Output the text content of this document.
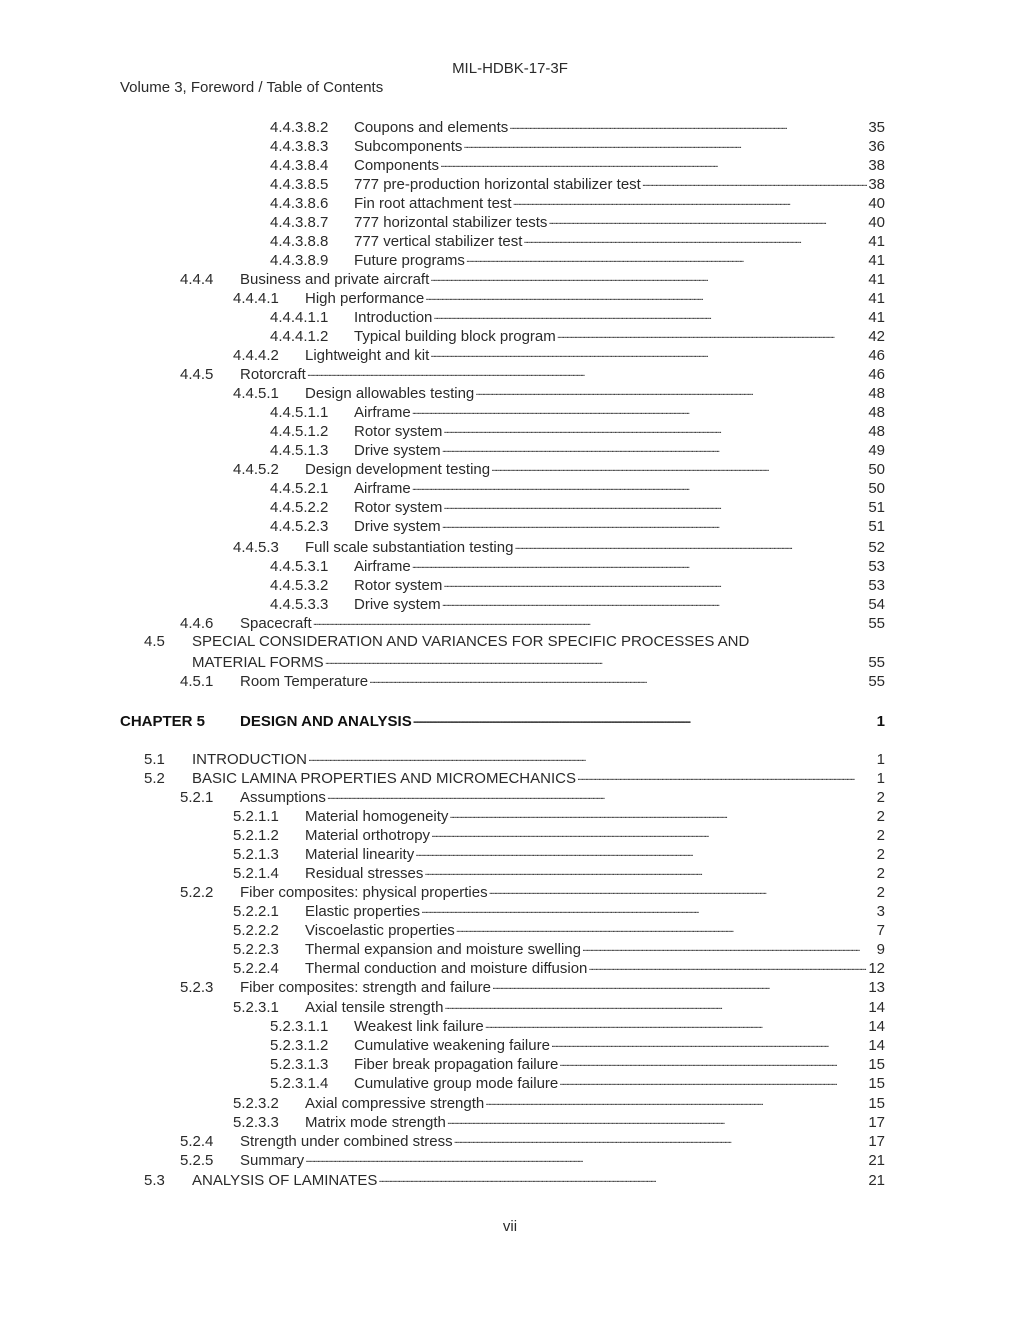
MIL-HDBK-17-3F
Volume 3, Foreword / Table of Contents
4.4.3.8.2	Coupons and elements . . .	35
4.4.3.8.3	Subcomponents . . .	36
4.4.3.8.4	Components . . .	38
4.4.3.8.5	777 pre-production horizontal stabilizer test . . .	38
4.4.3.8.6	Fin root attachment test . . .	40
4.4.3.8.7	777 horizontal stabilizer tests . . .	40
4.4.3.8.8	777 vertical stabilizer test . . .	41
4.4.3.8.9	Future programs . . .	41
4.4.4	Business and private aircraft . . .	41
4.4.4.1	High performance . . .	41
4.4.4.1.1	Introduction . . .	41
4.4.4.1.2	Typical building block program . . .	42
4.4.4.2	Lightweight and kit . . .	46
4.4.5	Rotorcraft . . .	46
4.4.5.1	Design allowables testing . . .	48
4.4.5.1.1	Airframe . . .	48
4.4.5.1.2	Rotor system . . .	48
4.4.5.1.3	Drive system . . .	49
4.4.5.2	Design development testing . . .	50
4.4.5.2.1	Airframe . . .	50
4.4.5.2.2	Rotor system . . .	51
4.4.5.2.3	Drive system . . .	51
4.4.5.3	Full scale substantiation testing . . .	52
4.4.5.3.1	Airframe . . .	53
4.4.5.3.2	Rotor system . . .	53
4.4.5.3.3	Drive system . . .	54
4.4.6	Spacecraft . . .	55
4.5	SPECIAL CONSIDERATION AND VARIANCES FOR SPECIFIC PROCESSES AND
MATERIAL FORMS . . .	55
4.5.1	Room Temperature . . .	55
CHAPTER 5	DESIGN AND ANALYSIS . . .	1
5.1	INTRODUCTION . . .	1
5.2	BASIC LAMINA PROPERTIES AND MICROMECHANICS . . .	1
5.2.1	Assumptions . . .	2
5.2.1.1	Material homogeneity . . .	2
5.2.1.2	Material orthotropy . . .	2
5.2.1.3	Material linearity . . .	2
5.2.1.4	Residual stresses . . .	2
5.2.2	Fiber composites: physical properties . . .	2
5.2.2.1	Elastic properties . . .	3
5.2.2.2	Viscoelastic properties . . .	7
5.2.2.3	Thermal expansion and moisture swelling . . .	9
5.2.2.4	Thermal conduction and moisture diffusion . . .	12
5.2.3	Fiber composites: strength and failure . . .	13
5.2.3.1	Axial tensile strength . . .	14
5.2.3.1.1	Weakest link failure . . .	14
5.2.3.1.2	Cumulative weakening failure . . .	14
5.2.3.1.3	Fiber break propagation failure . . .	15
5.2.3.1.4	Cumulative group mode failure . . .	15
5.2.3.2	Axial compressive strength . . .	15
5.2.3.3	Matrix mode strength . . .	17
5.2.4	Strength under combined stress . . .	17
5.2.5	Summary . . .	21
5.3	ANALYSIS OF LAMINATES . . .	21
vii
